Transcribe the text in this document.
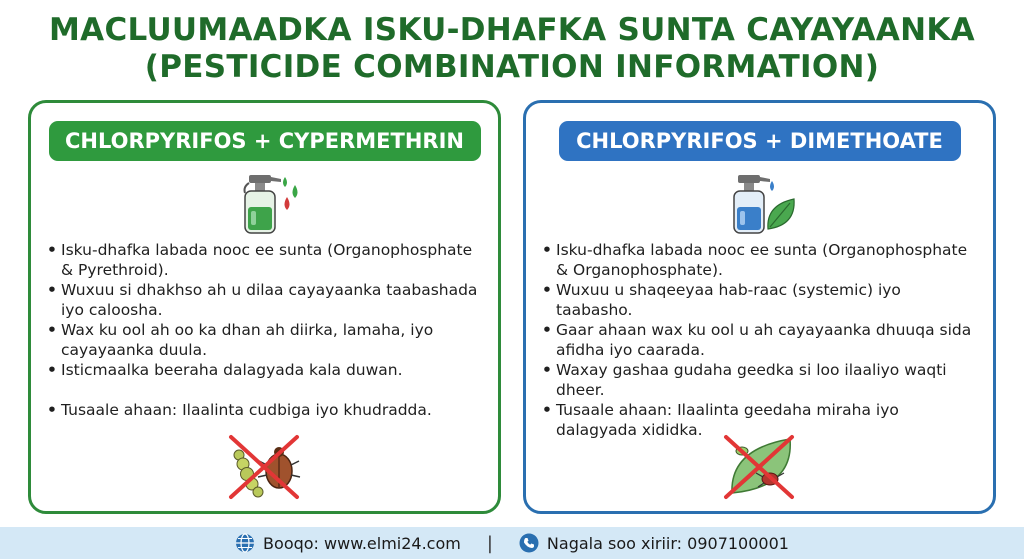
MACLUUMAADKA ISKU-DHAFKA SUNTA CAYAYAANKA
(PESTICIDE COMBINATION INFORMATION)
CHLORPYRIFOS + CYPERMETHRIN
• Isku-dhafka labada nooc ee sunta (Organophosphate & Pyrethroid).
• Wuxuu si dhakhso ah u dilaa cayayaanka taabashada iyo caloosha.
• Wax ku ool ah oo ka dhan ah diirka, lamaha, iyo cayayaanka duula.
• Isticmaalka beeraha dalagyada kala duwan.
• Tusaale ahaan: Ilaalinta cudbiga iyo khudradda.
CHLORPYRIFOS + DIMETHOATE
• Isku-dhafka labada nooc ee sunta (Organophosphate & Organophosphate).
• Wuxuu u shaqeeyaa hab-raac (systemic) iyo taabasho.
• Gaar ahaan wax ku ool u ah cayayaanka dhuuqa sida afidha iyo caarada.
• Waxay gashaa gudaha geedka si loo ilaaliyo waqti dheer.
• Tusaale ahaan: Ilaalinta geedaha miraha iyo dalagyada xididka.
Booqo: www.elmi24.com |	Nagala soo xiriir: 0907100001
